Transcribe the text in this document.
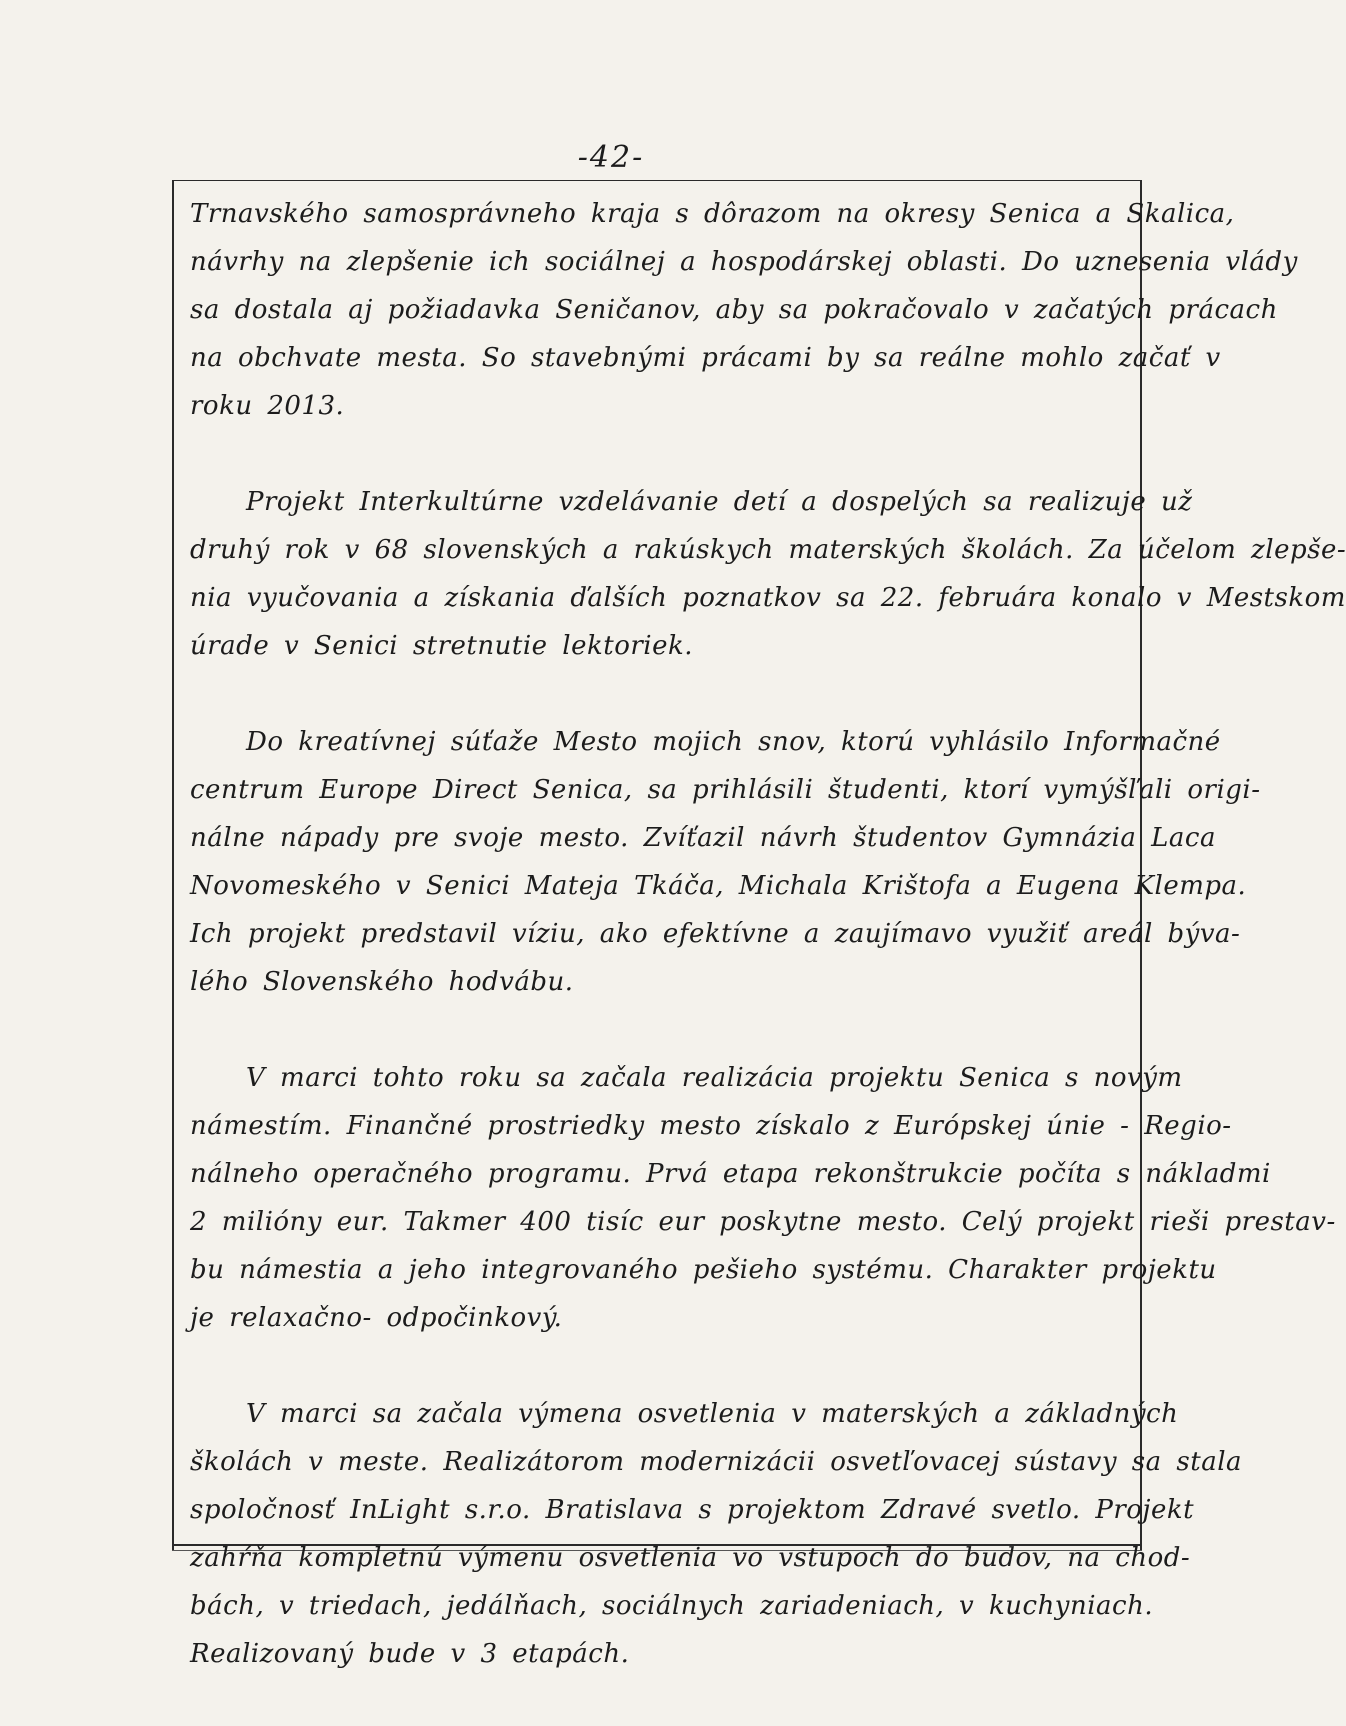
-42-
Trnavského samosprávneho kraja s dôrazom na okresy Senica a Skalica,
návrhy na zlepšenie ich sociálnej a hospodárskej oblasti. Do uznesenia vlády
sa dostala aj požiadavka Seničanov, aby sa pokračovalo v začatých prácach
na obchvate mesta. So stavebnými prácami by sa reálne mohlo začať v
roku 2013.
Projekt Interkultúrne vzdelávanie detí a dospelých sa realizuje už
druhý rok v 68 slovenských a rakúskych materských školách. Za účelom zlepše-
nia vyučovania a získania ďalších poznatkov sa 22. februára konalo v Mestskom
úrade v Senici stretnutie lektoriek.
Do kreatívnej súťaže Mesto mojich snov, ktorú vyhlásilo Informačné
centrum Europe Direct Senica, sa prihlásili študenti, ktorí vymýšľali origi-
nálne nápady pre svoje mesto. Zvíťazil návrh študentov Gymnázia Laca
Novomeského v Senici Mateja Tkáča, Michala Krištofa a Eugena Klempa.
Ich projekt predstavil víziu, ako efektívne a zaujímavo využiť areál býva-
lého Slovenského hodvábu.
V marci tohto roku sa začala realizácia projektu Senica s novým
námestím. Finančné prostriedky mesto získalo z Európskej únie - Regio-
nálneho operačného programu. Prvá etapa rekonštrukcie počíta s nákladmi
2 milióny eur. Takmer 400 tisíc eur poskytne mesto. Celý projekt rieši prestav-
bu námestia a jeho integrovaného pešieho systému. Charakter projektu
je relaxačno- odpočinkový.
V marci sa začala výmena osvetlenia v materských a základných
školách v meste. Realizátorom modernizácii osvetľovacej sústavy sa stala
spoločnosť InLight s.r.o. Bratislava s projektom Zdravé svetlo. Projekt
zahŕňa kompletnú výmenu osvetlenia vo vstupoch do budov, na chod-
bách, v triedach, jedálňach, sociálnych zariadeniach, v kuchyniach.
Realizovaný bude v 3 etapách.
